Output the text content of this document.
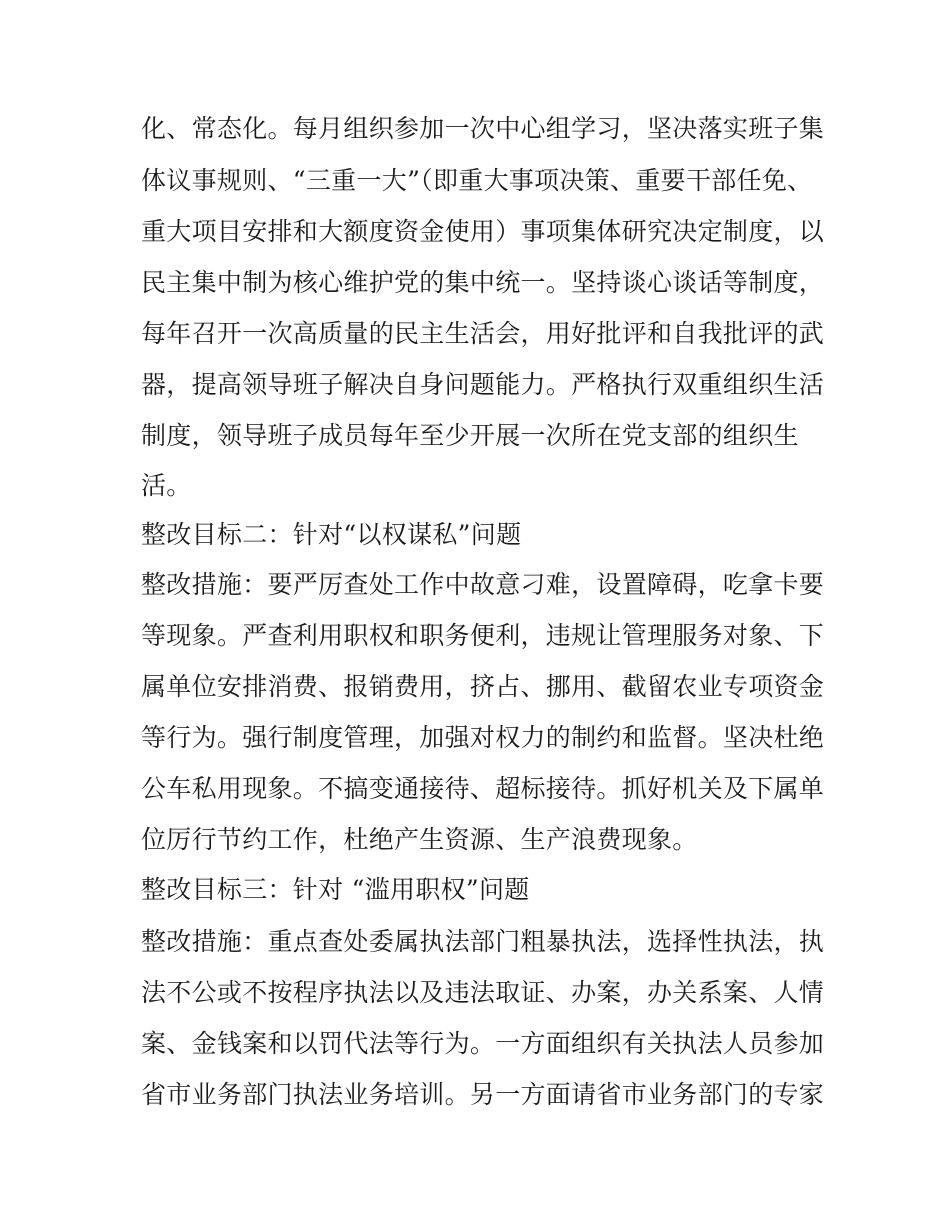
化、常态化。每月组织参加一次中心组学习，坚决落实班子集
体议事规则、“三重一大”（即重大事项决策、重要干部任免、
重大项目安排和大额度资金使用）事项集体研究决定制度，以
民主集中制为核心维护党的集中统一。坚持谈心谈话等制度，
每年召开一次高质量的民主生活会，用好批评和自我批评的武
器，提高领导班子解决自身问题能力。严格执行双重组织生活
制度，领导班子成员每年至少开展一次所在党支部的组织生
活。
整改目标二：针对“以权谋私”问题
整改措施：要严厉查处工作中故意刁难，设置障碍，吃拿卡要
等现象。严查利用职权和职务便利，违规让管理服务对象、下
属单位安排消费、报销费用，挤占、挪用、截留农业专项资金
等行为。强行制度管理，加强对权力的制约和监督。坚决杜绝
公车私用现象。不搞变通接待、超标接待。抓好机关及下属单
位厉行节约工作，杜绝产生资源、生产浪费现象。
整改目标三：针对 “滥用职权”问题
整改措施：重点查处委属执法部门粗暴执法，选择性执法，执
法不公或不按程序执法以及违法取证、办案，办关系案、人情
案、金钱案和以罚代法等行为。一方面组织有关执法人员参加
省市业务部门执法业务培训。另一方面请省市业务部门的专家
